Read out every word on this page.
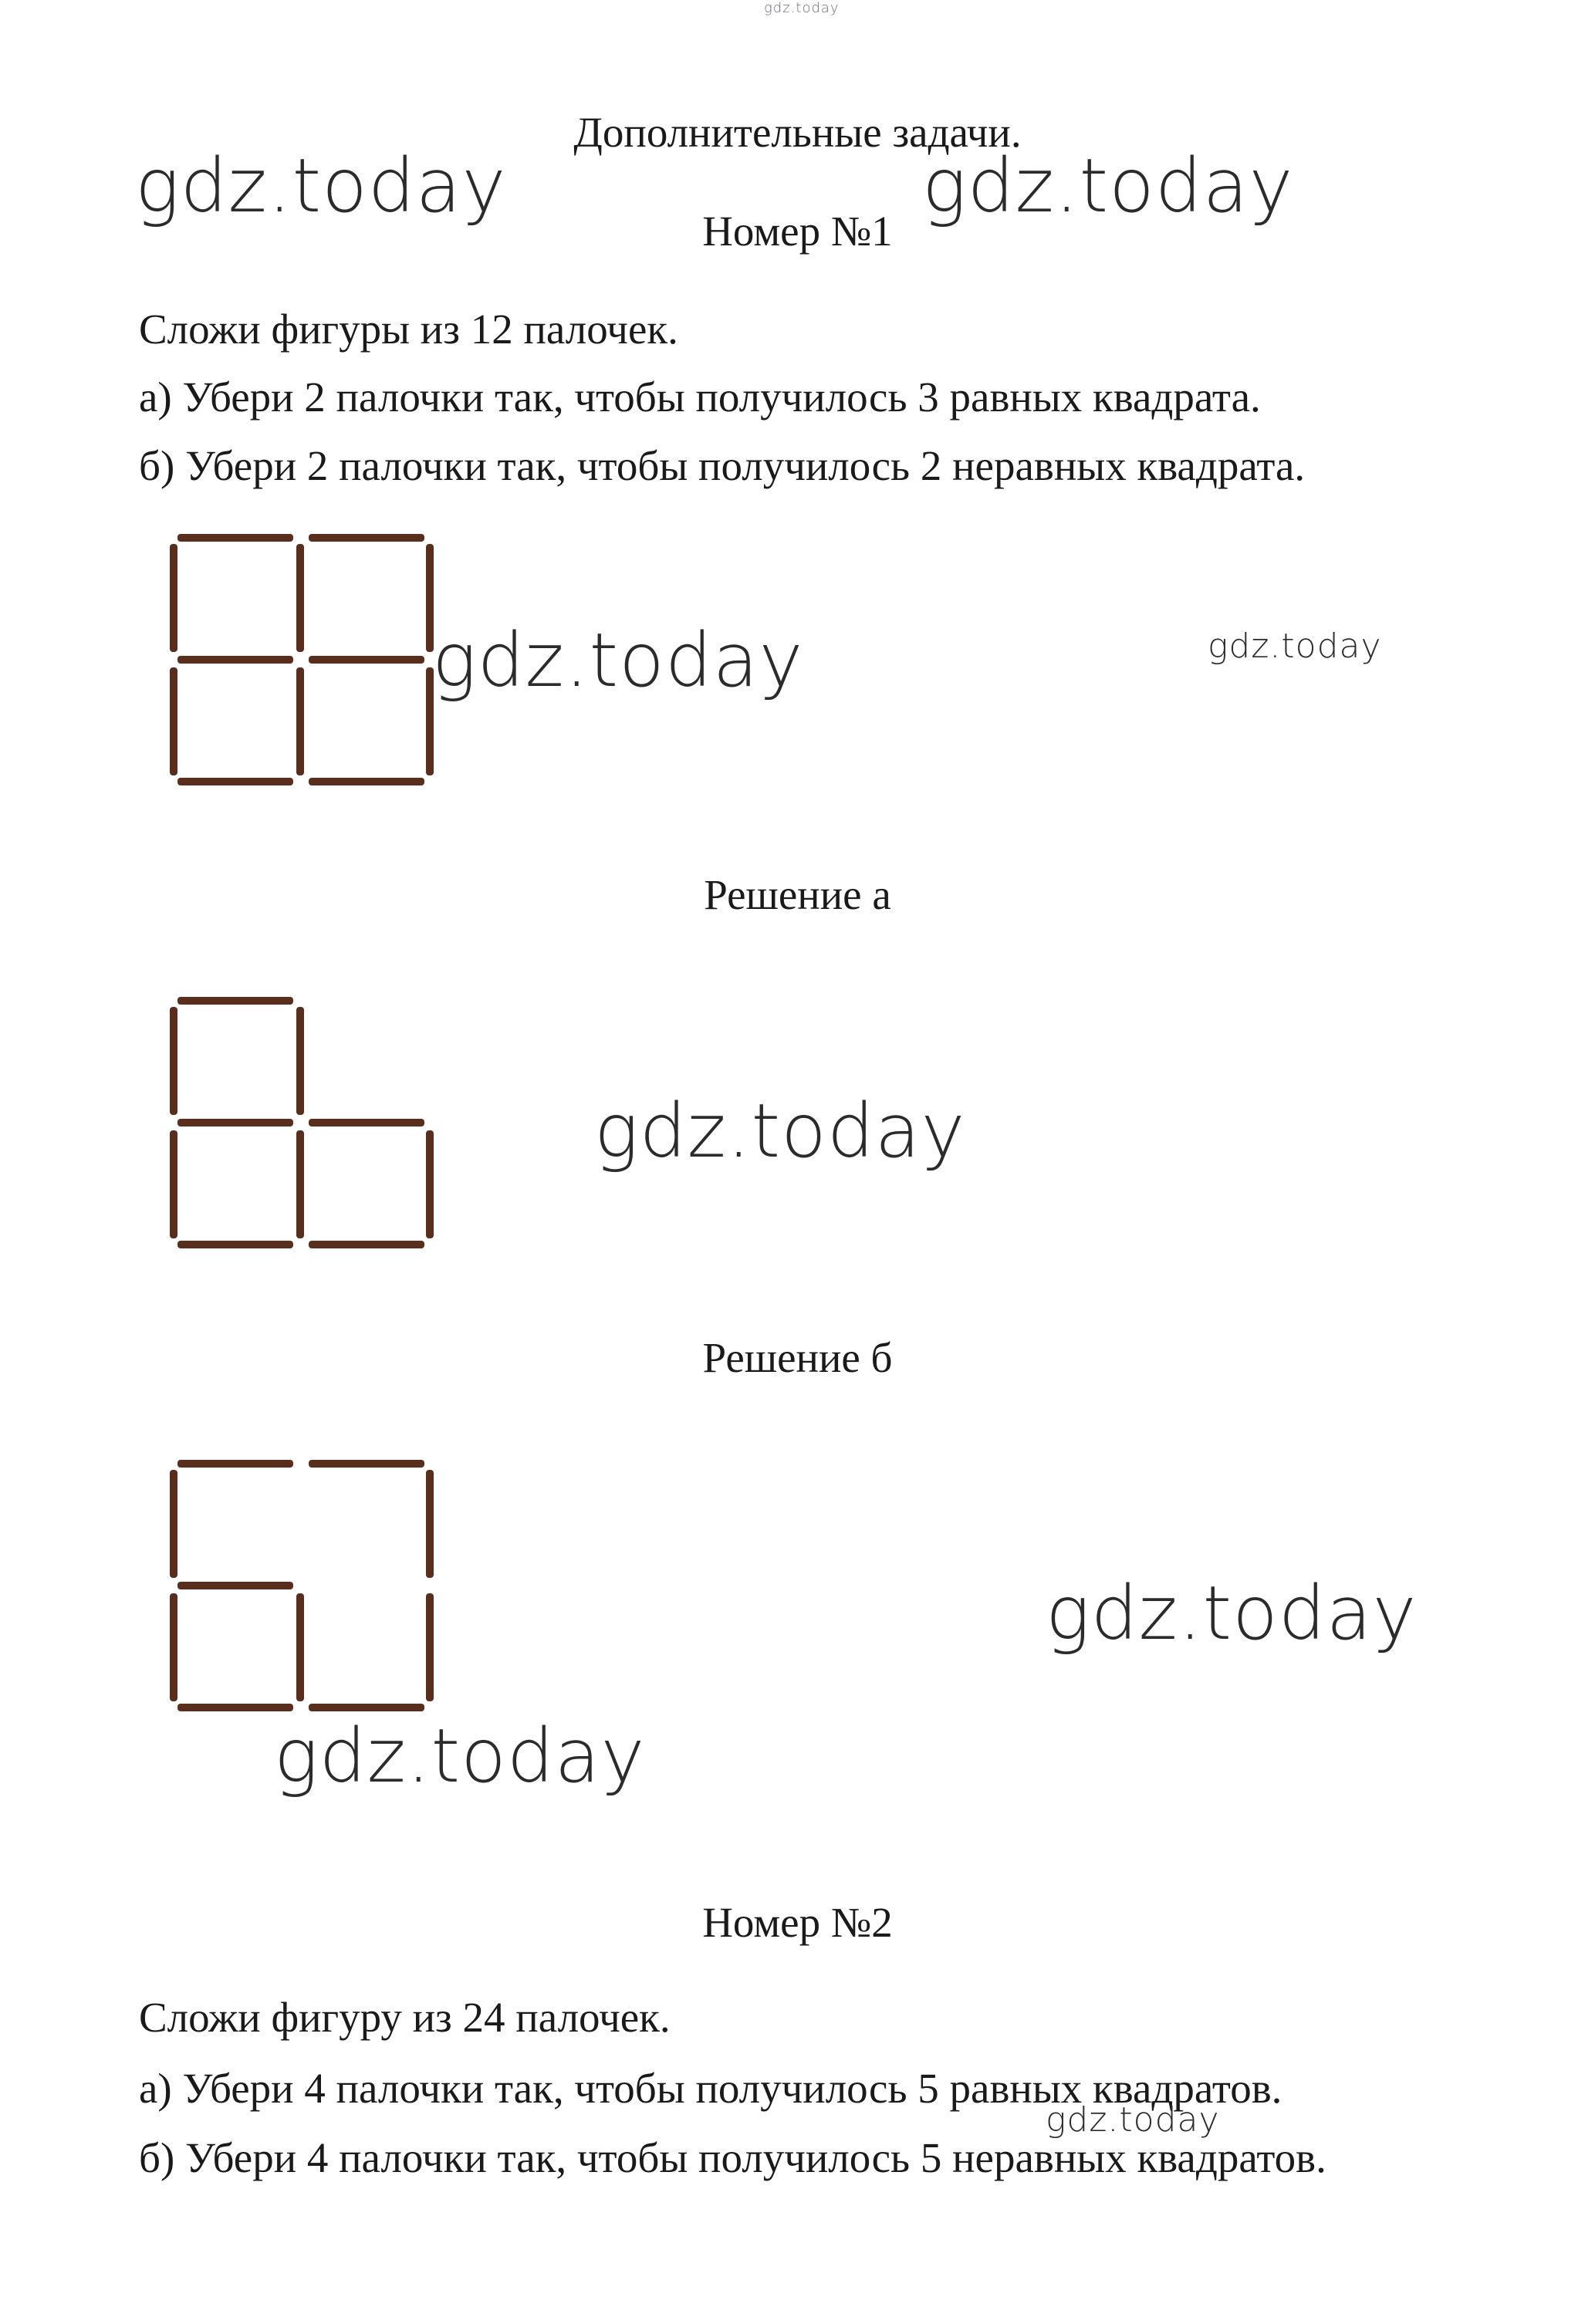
gdz.today
Дополнительные задачи.
Номер №1
Сложи фигуры из 12 палочек.
а) Убери 2 палочки так, чтобы получилось 3 равных квадрата.
б) Убери 2 палочки так, чтобы получилось 2 неравных квадрата.
Решение а
Решение б
Номер №2
Сложи фигуру из 24 палочек.
а) Убери 4 палочки так, чтобы получилось 5 равных квадратов.
б) Убери 4 палочки так, чтобы получилось 5 неравных квадратов.
gdz.today	gdz.today
gdz.today	gdz.today
gdz.today
gdz.today
gdz.today
gdz.today
